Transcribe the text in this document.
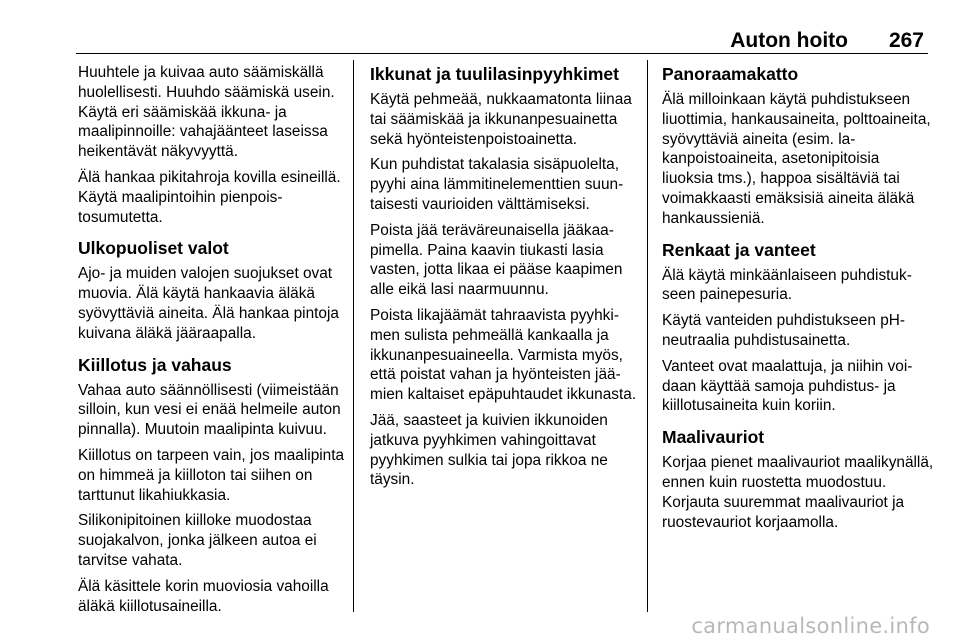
Auton hoito 267

Huuhtele ja kuivaa auto säämiskällä huolellisesti. Huuhdo säämiskä usein. Käytä eri säämiskää ikkuna- ja maalipinnoille: vahajäänteet laseissa heikentävät näkyvyyttä.

Älä hankaa pikitahroja kovilla esineillä. Käytä maalipintoihin pienpoistosumutetta.

Ulkopuoliset valot

Ajo- ja muiden valojen suojukset ovat muovia. Älä käytä hankaavia äläkä syövyttäviä aineita. Älä hankaa pintoja kuivana äläkä jääraapalla.

Kiillotus ja vahaus

Vahaa auto säännöllisesti (viimeistään silloin, kun vesi ei enää helmeile auton pinnalla). Muutoin maalipinta kuivuu.

Kiillotus on tarpeen vain, jos maalipinta on himmeä ja kiilloton tai siihen on tarttunut likahiukkasia.

Silikonipitoinen kiilloke muodostaa suojakalvon, jonka jälkeen autoa ei tarvitse vahata.

Älä käsittele korin muoviosia vahoilla äläkä kiillotusaineilla.

Ikkunat ja tuulilasinpyyhkimet

Käytä pehmeää, nukkaamatonta liinaa tai säämiskää ja ikkunanpesuainetta sekä hyönteistenpoistoainetta.

Kun puhdistat takalasia sisäpuolelta, pyyhi aina lämmitinelementtien suuntaisesti vaurioiden välttämiseksi.

Poista jää teräväreunaisella jääkaapimella. Paina kaavin tiukasti lasia vasten, jotta likaa ei pääse kaapimen alle eikä lasi naarmuunnu.

Poista likajäämät tahraavista pyyhkimen sulista pehmeällä kankaalla ja ikkunanpesuaineella. Varmista myös, että poistat vahan ja hyönteisten jäämien kaltaiset epäpuhtaudet ikkunasta.

Jää, saasteet ja kuivien ikkunoiden jatkuva pyyhkimen vahingoittavat pyyhkimen sulkia tai jopa rikkoa ne täysin.

Panoraamakatto

Älä milloinkaan käytä puhdistukseen liuottimia, hankausaineita, polttoaineita, syövyttäviä aineita (esim. lakanpoistoaineita, asetonipitoisia liuoksia tms.), happoa sisältäviä tai voimakkaasti emäksisiä aineita äläkä hankaussieniä.

Renkaat ja vanteet

Älä käytä minkäänlaiseen puhdistukseen painepesuria.

Käytä vanteiden puhdistukseen pH-neutraalia puhdistusainetta.

Vanteet ovat maalattuja, ja niihin voidaan käyttää samoja puhdistus- ja kiillotusaineita kuin koriin.

Maalivauriot

Korjaa pienet maalivauriot maalikynällä, ennen kuin ruostetta muodostuu. Korjauta suuremmat maalivauriot ja ruostevauriot korjaamolla.

carmanualsonline.info
